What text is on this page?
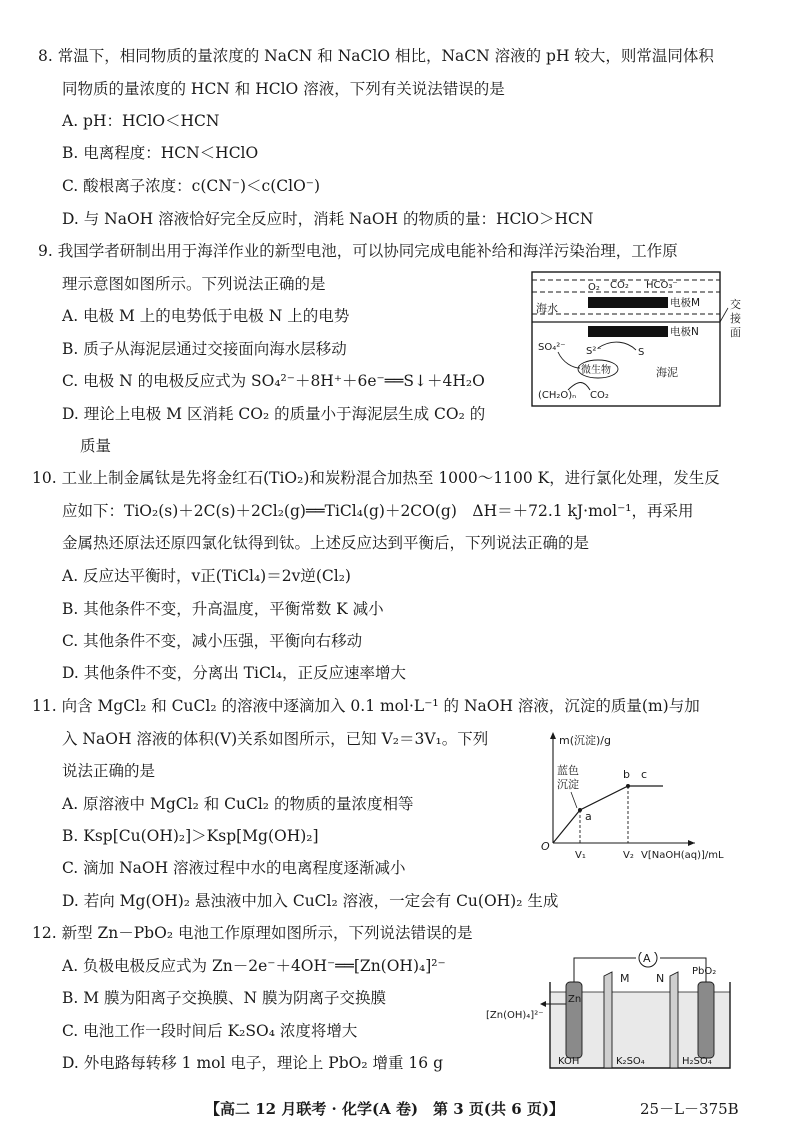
8. 常温下，相同物质的量浓度的 NaCN 和 NaClO 相比，NaCN 溶液的 pH 较大，则常温同体积
同物质的量浓度的 HCN 和 HClO 溶液，下列有关说法错误的是
A. pH：HClO＜HCN
B. 电离程度：HCN＜HClO
C. 酸根离子浓度：c(CN⁻)＜c(ClO⁻)
D. 与 NaOH 溶液恰好完全反应时，消耗 NaOH 的物质的量：HClO＞HCN
9. 我国学者研制出用于海洋作业的新型电池，可以协同完成电能补给和海洋污染治理，工作原
理示意图如图所示。下列说法正确的是
A. 电极 M 上的电势低于电极 N 上的电势
B. 质子从海泥层通过交接面向海水层移动
C. 电极 N 的电极反应式为 SO₄²⁻＋8H⁺＋6e⁻══S↓＋4H₂O
D. 理论上电极 M 区消耗 CO₂ 的质量小于海泥层生成 CO₂ 的
质量
O₂ CO₂ HCO₃⁻
电极M
电极N
海水	交
接
面
SO₄²⁻ S²⁻	S
微生物	海泥
(CH₂O)ₙ CO₂
10. 工业上制金属钛是先将金红石(TiO₂)和炭粉混合加热至 1000～1100 K，进行氯化处理，发生反
应如下：TiO₂(s)＋2C(s)＋2Cl₂(g)══TiCl₄(g)＋2CO(g)　ΔH＝＋72.1 kJ·mol⁻¹，再采用
金属热还原法还原四氯化钛得到钛。上述反应达到平衡后，下列说法正确的是
A. 反应达平衡时，v正(TiCl₄)＝2v逆(Cl₂)
B. 其他条件不变，升高温度，平衡常数 K 减小
C. 其他条件不变，减小压强，平衡向右移动
D. 其他条件不变，分离出 TiCl₄，正反应速率增大
11. 向含 MgCl₂ 和 CuCl₂ 的溶液中逐滴加入 0.1 mol·L⁻¹ 的 NaOH 溶液，沉淀的质量(m)与加
入 NaOH 溶液的体积(V)关系如图所示，已知 V₂＝3V₁。下列
说法正确的是
A. 原溶液中 MgCl₂ 和 CuCl₂ 的物质的量浓度相等
B. Ksp[Cu(OH)₂]＞Ksp[Mg(OH)₂]
C. 滴加 NaOH 溶液过程中水的电离程度逐渐减小
D. 若向 Mg(OH)₂ 悬浊液中加入 CuCl₂ 溶液，一定会有 Cu(OH)₂ 生成
m(沉淀)/g
O
a
b c
蓝色
沉淀
V₁	V₂ V[NaOH(aq)]/mL
12. 新型 Zn－PbO₂ 电池工作原理如图所示，下列说法错误的是
A. 负极电极反应式为 Zn－2e⁻＋4OH⁻══[Zn(OH)₄]²⁻
B. M 膜为阳离子交换膜、N 膜为阴离子交换膜
C. 电池工作一段时间后 K₂SO₄ 浓度将增大
D. 外电路每转移 1 mol 电子，理论上 PbO₂ 增重 16 g
A
M N
PbO₂
Zn
[Zn(OH)₄]²⁻
KOH	K₂SO₄	H₂SO₄
【高二 12 月联考 · 化学(A 卷)　第 3 页(共 6 页)】	25－L－375B
